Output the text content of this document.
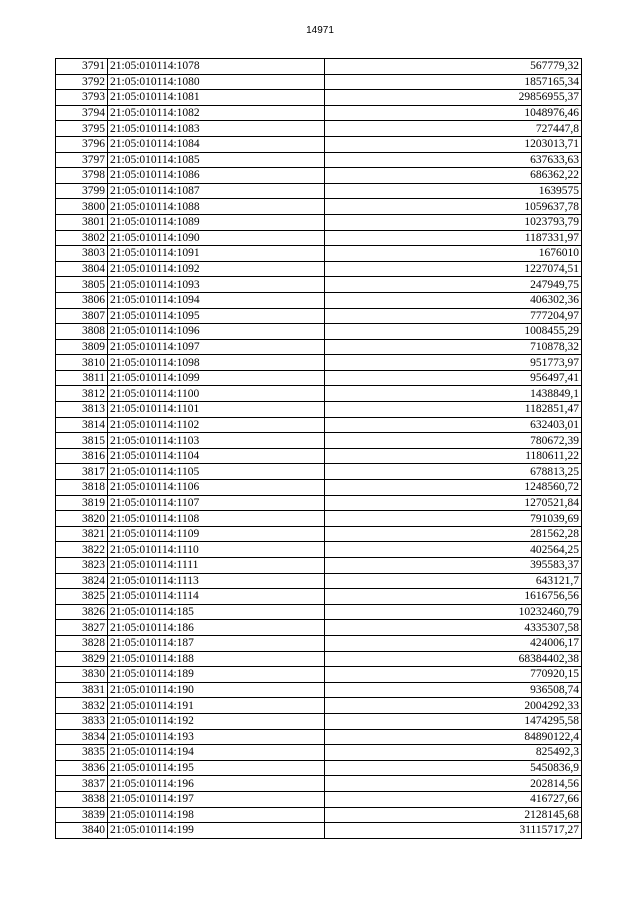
14971
3791	21:05:010114:1078	567779,32
3792	21:05:010114:1080	1857165,34
3793	21:05:010114:1081	29856955,37
3794	21:05:010114:1082	1048976,46
3795	21:05:010114:1083	727447,8
3796	21:05:010114:1084	1203013,71
3797	21:05:010114:1085	637633,63
3798	21:05:010114:1086	686362,22
3799	21:05:010114:1087	1639575
3800	21:05:010114:1088	1059637,78
3801	21:05:010114:1089	1023793,79
3802	21:05:010114:1090	1187331,97
3803	21:05:010114:1091	1676010
3804	21:05:010114:1092	1227074,51
3805	21:05:010114:1093	247949,75
3806	21:05:010114:1094	406302,36
3807	21:05:010114:1095	777204,97
3808	21:05:010114:1096	1008455,29
3809	21:05:010114:1097	710878,32
3810	21:05:010114:1098	951773,97
3811	21:05:010114:1099	956497,41
3812	21:05:010114:1100	1438849,1
3813	21:05:010114:1101	1182851,47
3814	21:05:010114:1102	632403,01
3815	21:05:010114:1103	780672,39
3816	21:05:010114:1104	1180611,22
3817	21:05:010114:1105	678813,25
3818	21:05:010114:1106	1248560,72
3819	21:05:010114:1107	1270521,84
3820	21:05:010114:1108	791039,69
3821	21:05:010114:1109	281562,28
3822	21:05:010114:1110	402564,25
3823	21:05:010114:1111	395583,37
3824	21:05:010114:1113	643121,7
3825	21:05:010114:1114	1616756,56
3826	21:05:010114:185	10232460,79
3827	21:05:010114:186	4335307,58
3828	21:05:010114:187	424006,17
3829	21:05:010114:188	68384402,38
3830	21:05:010114:189	770920,15
3831	21:05:010114:190	936508,74
3832	21:05:010114:191	2004292,33
3833	21:05:010114:192	1474295,58
3834	21:05:010114:193	84890122,4
3835	21:05:010114:194	825492,3
3836	21:05:010114:195	5450836,9
3837	21:05:010114:196	202814,56
3838	21:05:010114:197	416727,66
3839	21:05:010114:198	2128145,68
3840	21:05:010114:199	31115717,27
